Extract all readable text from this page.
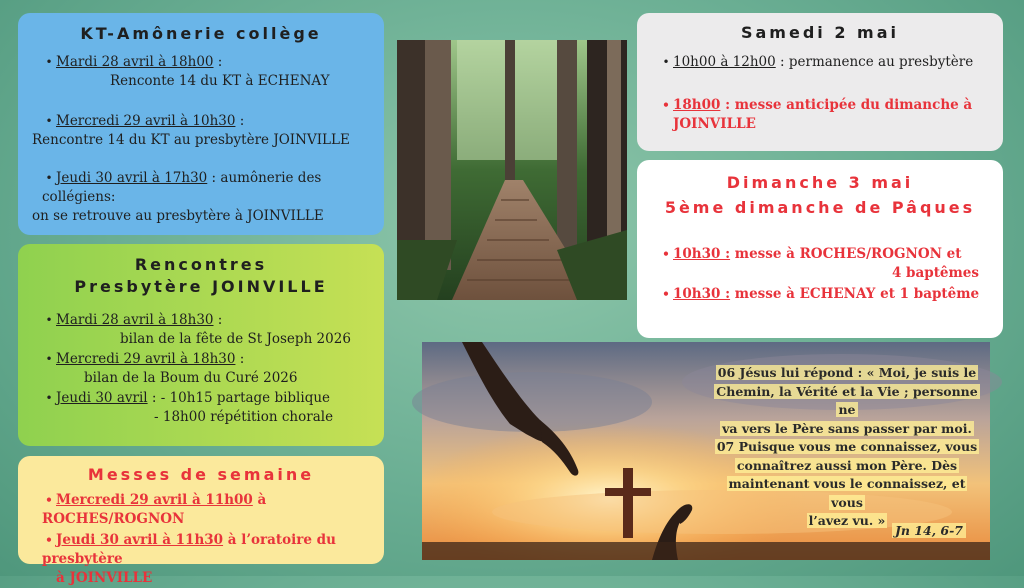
KT-Amônerie collège
• Mardi 28 avril à 18h00 :
Renconte 14 du KT à ECHENAY
• Mercredi 29 avril à 10h30 :
Rencontre 14 du KT au presbytère JOINVILLE
• Jeudi 30 avril à 17h30 : aumônerie des collégiens:
on se retrouve au presbytère à JOINVILLE
Rencontres
Presbytère JOINVILLE
• Mardi 28 avril à 18h30 :
bilan de la fête de St Joseph 2026
• Mercredi 29 avril à 18h30 :
bilan de la Boum du Curé 2026
• Jeudi 30 avril : - 10h15 partage biblique
- 18h00 répétition chorale
Messes de semaine
• Mercredi 29 avril à 11h00 à ROCHES/ROGNON
• Jeudi 30 avril à 11h30 à l’oratoire du presbytère
à JOINVILLE
Samedi 2 mai
• 10h00 à 12h00 : permanence au presbytère
• 18h00 : messe anticipée du dimanche à
JOINVILLE
Dimanche 3 mai
5ème dimanche de Pâques
• 10h30 : messe à ROCHES/ROGNON et
4 baptêmes
• 10h30 : messe à ECHENAY et 1 baptême
06 Jésus lui répond : « Moi, je suis le
Chemin, la Vérité et la Vie ; personne ne
va vers le Père sans passer par moi.
07 Puisque vous me connaissez, vous
connaîtrez aussi mon Père. Dès
maintenant vous le connaissez, et vous
l’avez vu. »
Jn 14, 6-7
